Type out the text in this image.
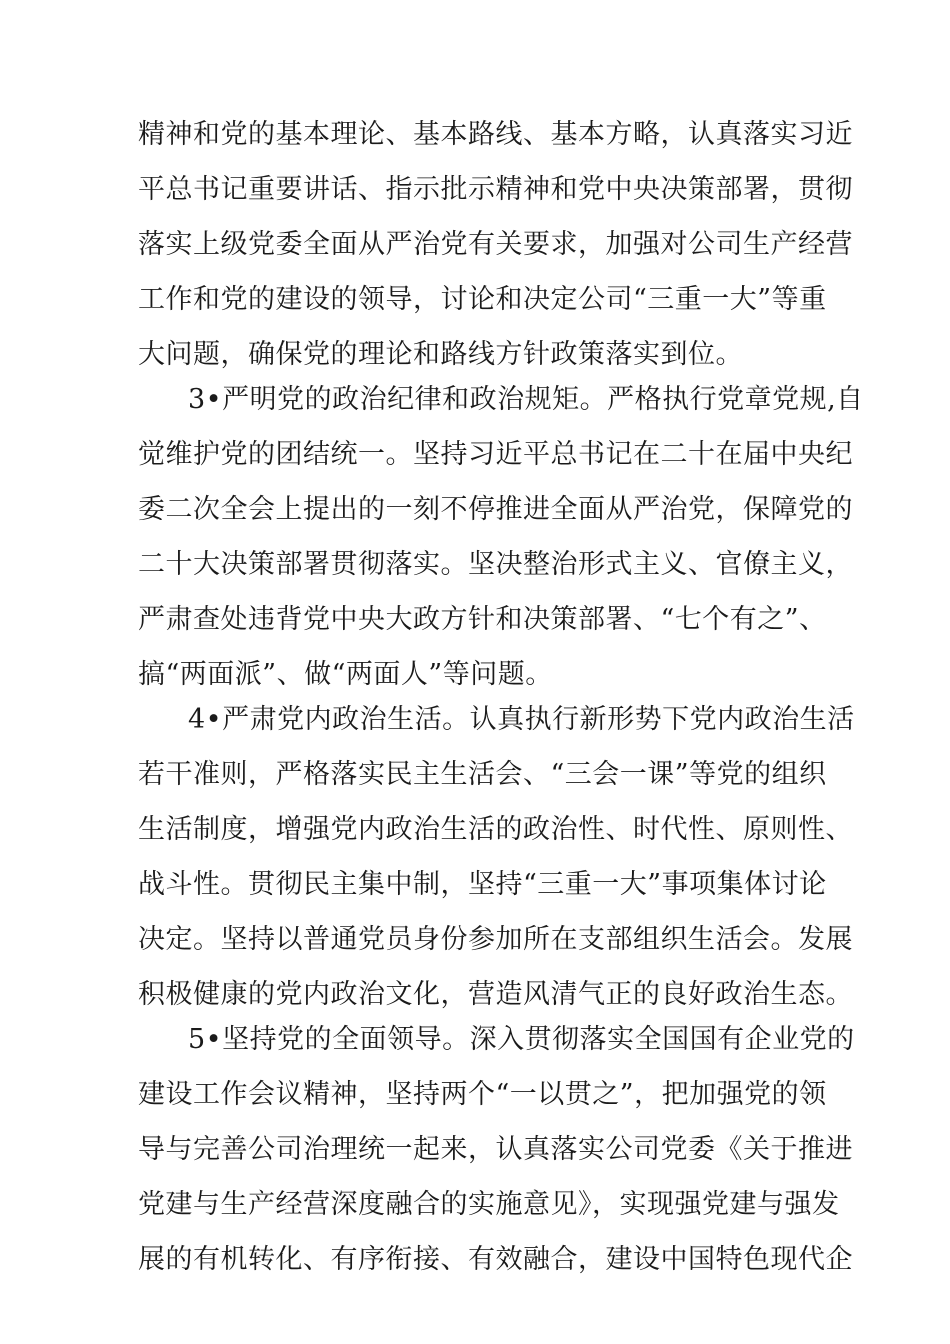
精神和党的基本理论、基本路线、基本方略，认真落实习近
平总书记重要讲话、指示批示精神和党中央决策部署，贯彻
落实上级党委全面从严治党有关要求，加强对公司生产经营
工作和党的建设的领导，讨论和决定公司“三重一大”等重
大问题，确保党的理论和路线方针政策落实到位。
3•严明党的政治纪律和政治规矩。严格执行党章党规,自
觉维护党的团结统一。坚持习近平总书记在二十在届中央纪
委二次全会上提出的一刻不停推进全面从严治党，保障党的
二十大决策部署贯彻落实。坚决整治形式主义、官僚主义，
严肃查处违背党中央大政方针和决策部署、“七个有之”、
搞“两面派”、做“两面人”等问题。
4•严肃党内政治生活。认真执行新形势下党内政治生活
若干准则，严格落实民主生活会、“三会一课”等党的组织
生活制度，增强党内政治生活的政治性、时代性、原则性、
战斗性。贯彻民主集中制，坚持“三重一大”事项集体讨论
决定。坚持以普通党员身份参加所在支部组织生活会。发展
积极健康的党内政治文化，营造风清气正的良好政治生态。
5•坚持党的全面领导。深入贯彻落实全国国有企业党的
建设工作会议精神，坚持两个“一以贯之”，把加强党的领
导与完善公司治理统一起来，认真落实公司党委《关于推进
党建与生产经营深度融合的实施意见》，实现强党建与强发
展的有机转化、有序衔接、有效融合，建设中国特色现代企
